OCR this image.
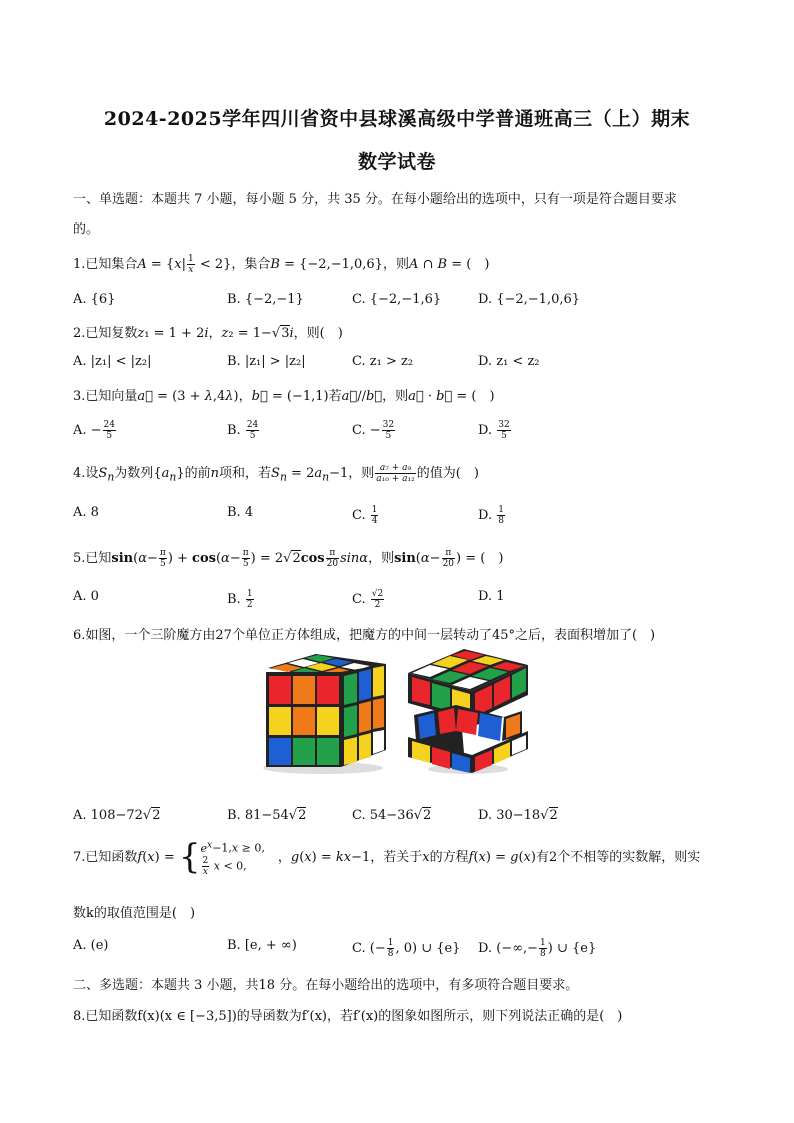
2024-2025学年四川省资中县球溪高级中学普通班高三（上）期末
数学试卷
一、单选题：本题共 7 小题，每小题 5 分，共 35 分。在每小题给出的选项中，只有一项是符合题目要求
的。
1.已知集合$A = \{x| \frac{1}{x} < 2\}$，集合B = {−2,−1,0,6}，则A ∩ B = (　)
A. {6}	B. {−2,−1}	C. {−2,−1,6}	D. {−2,−1,0,6}
2.已知复数z₁ = 1 + 2i，z₂ = 1−√3i，则(　)
A. |z₁| < |z₂|	B. |z₁| > |z₂|	C. z₁ > z₂	D. z₁ < z₂
3.已知向量a⃗ = (3 + λ,4λ)，b⃗ = (−1,1)若a⃗//b⃗，则a⃗ · b⃗ = (　)
A. − $\frac{24}{5}$	B. $\frac{24}{5}$	C. − $\frac{32}{5}$	D. $\frac{32}{5}$
4.设$S_n$为数列$\{a_n\}$的前n项和，若$S_n = 2a_n-1$，则 $\frac{\text{a₇ + a₉}}{\text{a₁₀ + a₁₂}}$ 的值为(　)
A. 8	B. 4	C. $\frac{1}{4}$	D. $\frac{1}{8}$
5.已知$\sin(\alpha- \frac{\pi}{5}$ ) + $\cos(\alpha- \frac{\pi}{5}$ ) = $2√2\cos \frac{\pi}{20}$ sinα，则$\sin(\alpha- \frac{\pi}{20}$ ) = (　)
A. 0	B. $\frac{1}{2}$	C. $\frac{√2}{2}$	D. 1
6.如图，一个三阶魔方由27个单位正方体组成，把魔方的中间一层转动了45°之后，表面积增加了(　)
A. 108−72√2	B. 81−54√2	C. 54−36√2	D. 30−18√2
7.已知函数$f(x) = \{e^x-1,x \ge 0$,

$\frac{2}{x}$ x < 0,　，g(x) = kx−1，若关于x的方程f(x) = g(x)有2个不相等的实数解，则实
数k的取值范围是(　)
A. (e)	B. [e, + ∞)	C. (− $\frac{1}{8}$ , 0) ∪ {e} D. (−∞,− $\frac{1}{8}$ ) ∪ {e}
二、多选题：本题共 3 小题，共18 分。在每小题给出的选项中，有多项符合题目要求。
8.已知函数f(x)(x ∈ [−3,5])的导函数为f′(x)，若f′(x)的图象如图所示，则下列说法正确的是(　)
